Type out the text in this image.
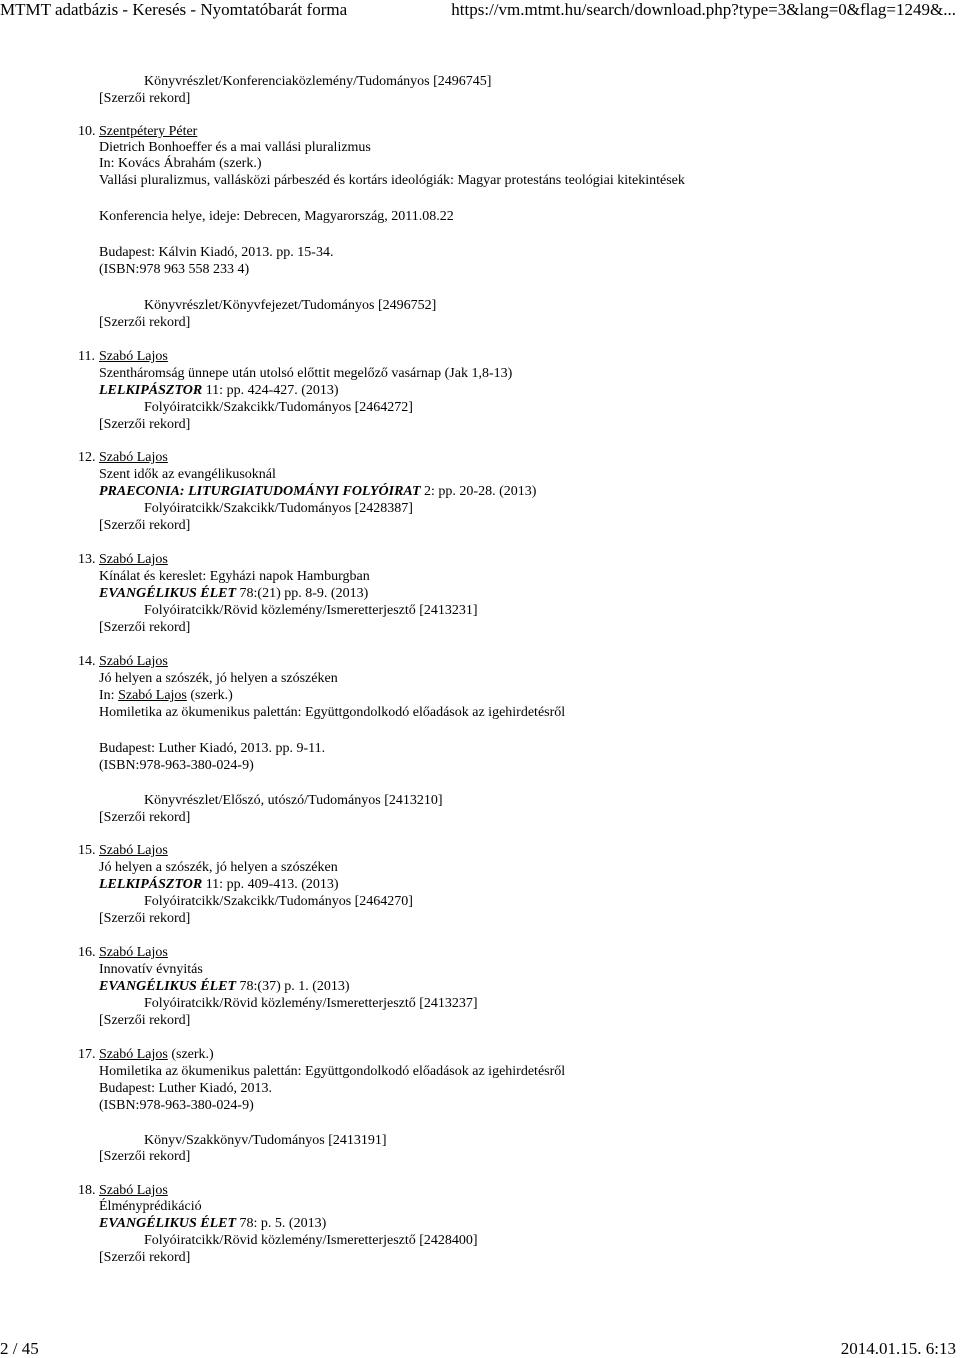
MTMT adatbázis - Keresés - Nyomtatóbarát forma	https://vm.mtmt.hu/search/download.php?type=3&lang=0&flag=1249&...
Könyvrészlet/Konferenciaközlemény/Tudományos [2496745]
[Szerzői rekord]
10. Szentpétery Péter
Dietrich Bonhoeffer és a mai vallási pluralizmus
In: Kovács Ábrahám (szerk.)
Vallási pluralizmus, vallásközi párbeszéd és kortárs ideológiák: Magyar protestáns teológiai kitekintések
Konferencia helye, ideje: Debrecen, Magyarország, 2011.08.22
Budapest: Kálvin Kiadó, 2013. pp. 15-34.
(ISBN:978 963 558 233 4)
Könyvrészlet/Könyvfejezet/Tudományos [2496752]
[Szerzői rekord]
11. Szabó Lajos
Szentháromság ünnepe után utolsó előttit megelőző vasárnap (Jak 1,8-13)
LELKIPÁSZTOR 11: pp. 424-427. (2013)
Folyóiratcikk/Szakcikk/Tudományos [2464272]
[Szerzői rekord]
12. Szabó Lajos
Szent idők az evangélikusoknál
PRAECONIA: LITURGIATUDOMÁNYI FOLYÓIRAT 2: pp. 20-28. (2013)
Folyóiratcikk/Szakcikk/Tudományos [2428387]
[Szerzői rekord]
13. Szabó Lajos
Kínálat és kereslet: Egyházi napok Hamburgban
EVANGÉLIKUS ÉLET 78:(21) pp. 8-9. (2013)
Folyóiratcikk/Rövid közlemény/Ismeretterjesztő [2413231]
[Szerzői rekord]
14. Szabó Lajos
Jó helyen a szószék, jó helyen a szószéken
In: Szabó Lajos (szerk.)
Homiletika az ökumenikus palettán: Együttgondolkodó előadások az igehirdetésről
Budapest: Luther Kiadó, 2013. pp. 9-11.
(ISBN:978-963-380-024-9)
Könyvrészlet/Előszó, utószó/Tudományos [2413210]
[Szerzői rekord]
15. Szabó Lajos
Jó helyen a szószék, jó helyen a szószéken
LELKIPÁSZTOR 11: pp. 409-413. (2013)
Folyóiratcikk/Szakcikk/Tudományos [2464270]
[Szerzői rekord]
16. Szabó Lajos
Innovatív évnyitás
EVANGÉLIKUS ÉLET 78:(37) p. 1. (2013)
Folyóiratcikk/Rövid közlemény/Ismeretterjesztő [2413237]
[Szerzői rekord]
17. Szabó Lajos (szerk.)
Homiletika az ökumenikus palettán: Együttgondolkodó előadások az igehirdetésről
Budapest: Luther Kiadó, 2013.
(ISBN:978-963-380-024-9)
Könyv/Szakkönyv/Tudományos [2413191]
[Szerzői rekord]
18. Szabó Lajos
Élményprédikáció
EVANGÉLIKUS ÉLET 78: p. 5. (2013)
Folyóiratcikk/Rövid közlemény/Ismeretterjesztő [2428400]
[Szerzői rekord]
2 / 45	2014.01.15. 6:13
